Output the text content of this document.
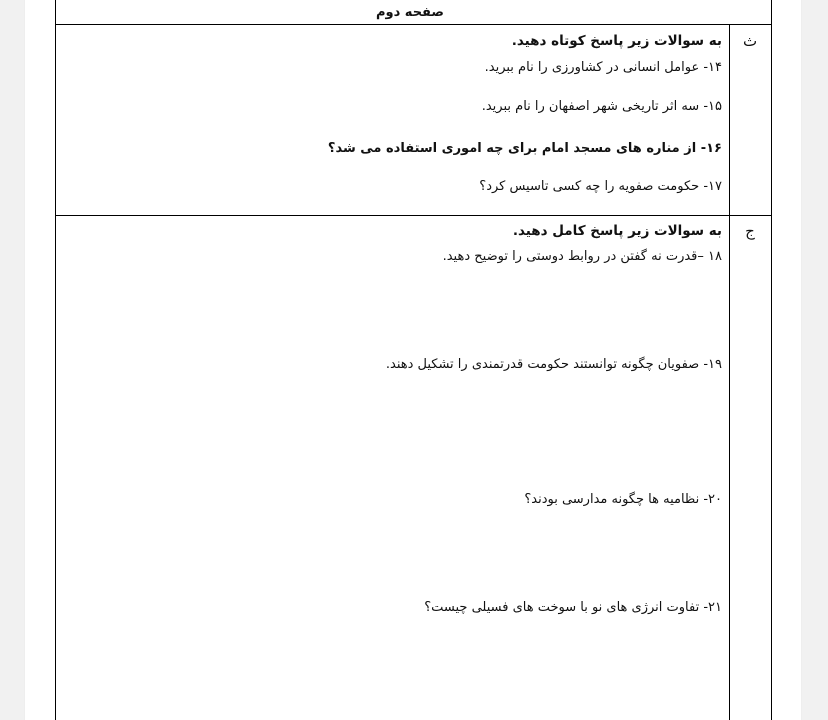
صفحه دوم
ث
به سوالات زیر پاسخ کوتاه دهید.
۱۴- عوامل انسانی در کشاورزی را نام ببرید.
۱۵- سه اثر تاریخی شهر اصفهان را نام ببرید.
۱۶- از مناره های مسجد امام برای چه اموری استفاده می شد؟
۱۷- حکومت صفویه را چه کسی تاسیس کرد؟
ج
به سوالات زیر پاسخ کامل دهید.
۱۸ –قدرت نه گفتن در روابط دوستی را توضیح دهید.
۱۹- صفویان چگونه توانستند حکومت قدرتمندی را تشکیل دهند.
۲۰- نظامیه ها چگونه مدارسی بودند؟
۲۱- تفاوت انرژی های نو با سوخت های فسیلی چیست؟
